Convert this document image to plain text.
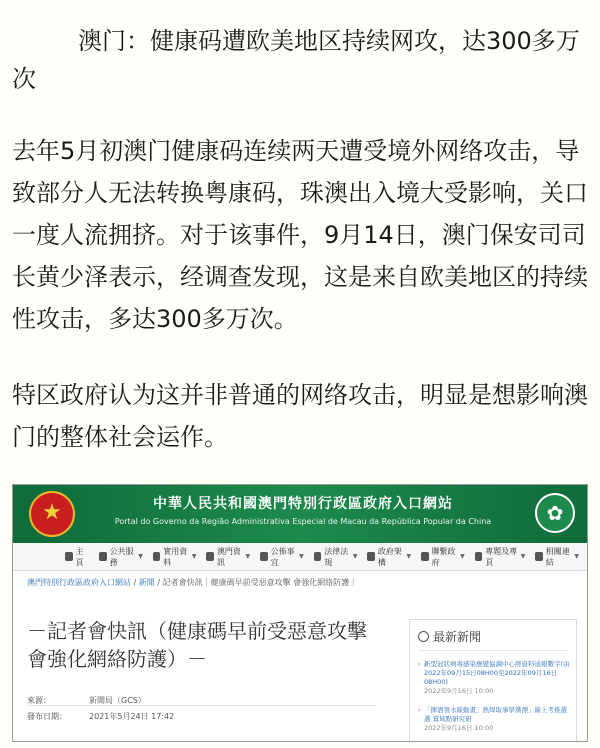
澳门：健康码遭欧美地区持续网攻，达300多万次
去年5月初澳门健康码连续两天遭受境外网络攻击，导致部分人无法转换粤康码，珠澳出入境大受影响，关口一度人流拥挤。对于该事件，9月14日，澳门保安司司长黄少泽表示，经调查发现，这是来自欧美地区的持续性攻击，多达300多万次。
特区政府认为这并非普通的网络攻击，明显是想影响澳门的整体社会运作。
★
中華人民共和國澳門特別行政區政府入口網站
Portal do Governo da Região Administrativa Especial de Macau da República Popular da China
✿
主頁
公共服務
▼
實用資料
▼
澳門資訊
▼
公佈事宜
▼
法律法規
▼
政府架構
▼
聯繫政府
▼
專題及專頁
▼
相關連結
▼
澳門特別行政區政府入口網站 / 新聞 / 記者會快訊｜健康碼早前受惡意攻擊 會強化網絡防護｜
－記者會快訊（健康碼早前受惡意攻擊 會強化網絡防護）－
來源：	新聞局（GCS）
發布日期：	2021年5月24日 17:42
最新新聞
› 新型冠狀病毒感染應變協調中心經資料通報數字(由2022年09月15日08H00至2022年09月16日08H00)
2022年9月16日 10:00
› 「揮洒領水線動畫」熱焊取事學黨漂」線上考推選選 賞域點研究研
2022年9月16日 10:00
